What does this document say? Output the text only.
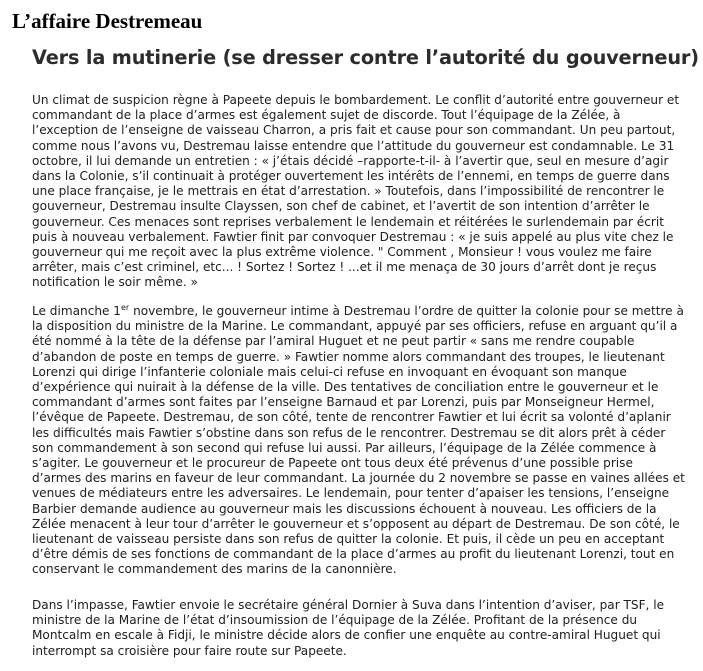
L’affaire Destremeau
Vers la mutinerie (se dresser contre l’autorité du gouverneur)

Un climat de suspicion règne à Papeete depuis le bombardement. Le conflit d’autorité entre gouverneur et
commandant de la place d’armes est également sujet de discorde. Tout l’équipage de la Zélée, à
l’exception de l’enseigne de vaisseau Charron, a pris fait et cause pour son commandant. Un peu partout,
comme nous l’avons vu, Destremau laisse entendre que l’attitude du gouverneur est condamnable. Le 31
octobre, il lui demande un entretien : « j’étais décidé –rapporte-t-il- à l’avertir que, seul en mesure d’agir
dans la Colonie, s’il continuait à protéger ouvertement les intérêts de l’ennemi, en temps de guerre dans
une place française, je le mettrais en état d’arrestation. » Toutefois, dans l’impossibilité de rencontrer le
gouverneur, Destremau insulte Clayssen, son chef de cabinet, et l’avertit de son intention d’arrêter le
gouverneur. Ces menaces sont reprises verbalement le lendemain et réitérées le surlendemain par écrit
puis à nouveau verbalement. Fawtier finit par convoquer Destremau : « je suis appelé au plus vite chez le
gouverneur qui me reçoit avec la plus extrême violence. " Comment , Monsieur ! vous voulez me faire
arrêter, mais c’est criminel, etc... ! Sortez ! Sortez ! ...et il me menaça de 30 jours d’arrêt dont je reçus
notification le soir même. »

Le dimanche 1er novembre, le gouverneur intime à Destremau l’ordre de quitter la colonie pour se mettre à
la disposition du ministre de la Marine. Le commandant, appuyé par ses officiers, refuse en arguant qu’il a
été nommé à la tête de la défense par l’amiral Huguet et ne peut partir « sans me rendre coupable
d’abandon de poste en temps de guerre. » Fawtier nomme alors commandant des troupes, le lieutenant
Lorenzi qui dirige l’infanterie coloniale mais celui-ci refuse en invoquant en évoquant son manque
d’expérience qui nuirait à la défense de la ville. Des tentatives de conciliation entre le gouverneur et le
commandant d’armes sont faites par l’enseigne Barnaud et par Lorenzi, puis par Monseigneur Hermel,
l’évêque de Papeete. Destremau, de son côté, tente de rencontrer Fawtier et lui écrit sa volonté d’aplanir
les difficultés mais Fawtier s’obstine dans son refus de le rencontrer. Destremau se dit alors prêt à céder
son commandement à son second qui refuse lui aussi. Par ailleurs, l’équipage de la Zélée commence à
s’agiter. Le gouverneur et le procureur de Papeete ont tous deux été prévenus d’une possible prise
d’armes des marins en faveur de leur commandant. La journée du 2 novembre se passe en vaines allées et
venues de médiateurs entre les adversaires. Le lendemain, pour tenter d’apaiser les tensions, l’enseigne
Barbier demande audience au gouverneur mais les discussions échouent à nouveau. Les officiers de la
Zélée menacent à leur tour d’arrêter le gouverneur et s’opposent au départ de Destremau. De son côté, le
lieutenant de vaisseau persiste dans son refus de quitter la colonie. Et puis, il cède un peu en acceptant
d’être démis de ses fonctions de commandant de la place d’armes au profit du lieutenant Lorenzi, tout en
conservant le commandement des marins de la canonnière.

Dans l’impasse, Fawtier envoie le secrétaire général Dornier à Suva dans l’intention d’aviser, par TSF, le
ministre de la Marine de l’état d’insoumission de l’équipage de la Zélée. Profitant de la présence du
Montcalm en escale à Fidji, le ministre décide alors de confier une enquête au contre-amiral Huguet qui
interrompt sa croisière pour faire route sur Papeete.
